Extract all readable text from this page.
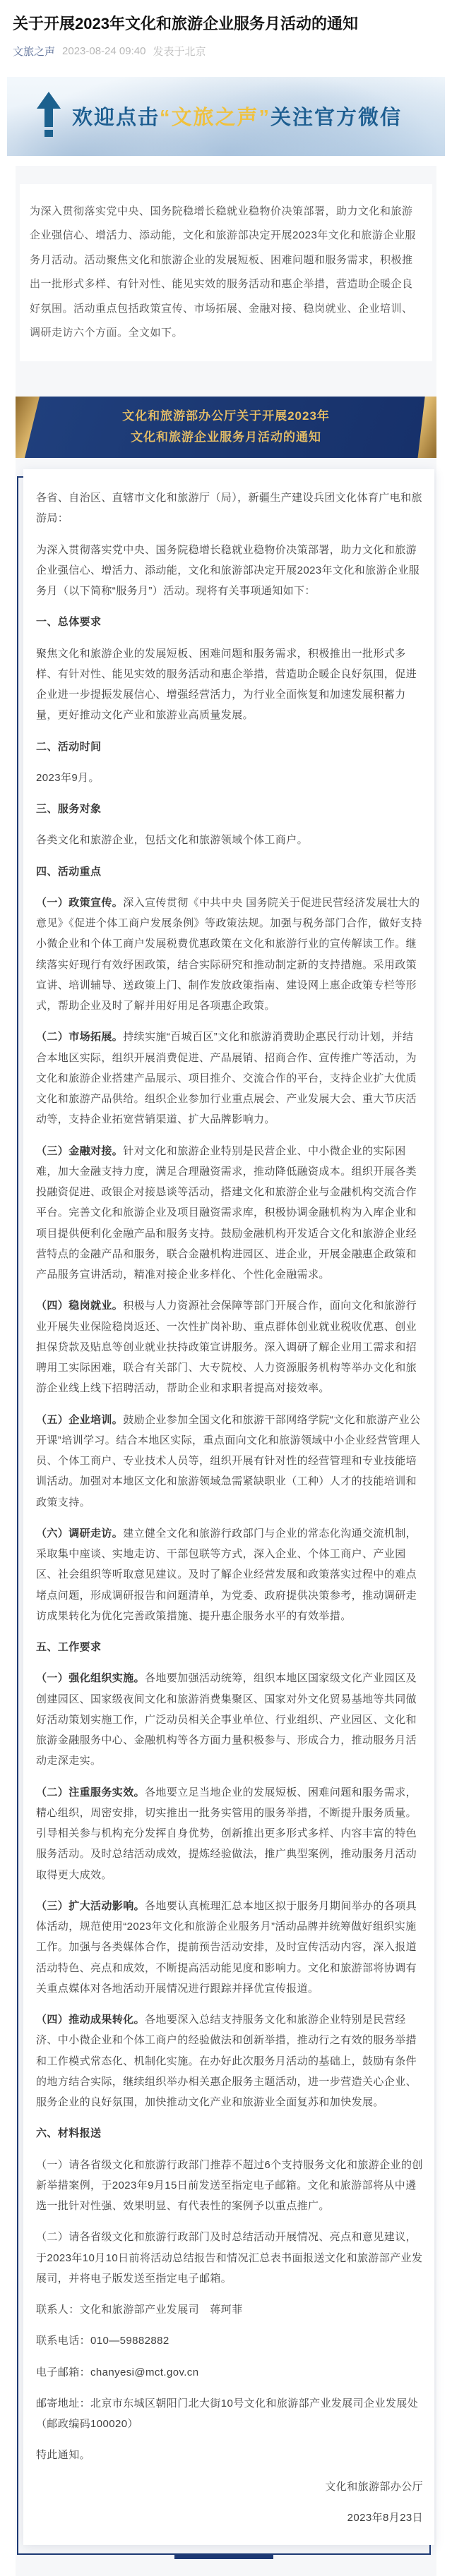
关于开展2023年文化和旅游企业服务月活动的通知
文旅之声 2023-08-24 09:40 发表于北京
欢迎点击“文旅之声”关注官方微信

为深入贯彻落实党中央、国务院稳增长稳就业稳物价决策部署，助力文化和旅游企业强信心、增活力、添动能，文化和旅游部决定开展2023年文化和旅游企业服务月活动。活动聚焦文化和旅游企业的发展短板、困难问题和服务需求，积极推出一批形式多样、有针对性、能见实效的服务活动和惠企举措，营造助企暖企良好氛围。活动重点包括政策宣传、市场拓展、金融对接、稳岗就业、企业培训、调研走访六个方面。全文如下。

文化和旅游部办公厅关于开展2023年
文化和旅游企业服务月活动的通知

各省、自治区、直辖市文化和旅游厅（局），新疆生产建设兵团文化体育广电和旅游局：

为深入贯彻落实党中央、国务院稳增长稳就业稳物价决策部署，助力文化和旅游企业强信心、增活力、添动能，文化和旅游部决定开展2023年文化和旅游企业服务月（以下简称“服务月”）活动。现将有关事项通知如下：

一、总体要求

聚焦文化和旅游企业的发展短板、困难问题和服务需求，积极推出一批形式多样、有针对性、能见实效的服务活动和惠企举措，营造助企暖企良好氛围，促进企业进一步提振发展信心、增强经营活力，为行业全面恢复和加速发展积蓄力量，更好推动文化产业和旅游业高质量发展。

二、活动时间

2023年9月。

三、服务对象

各类文化和旅游企业，包括文化和旅游领域个体工商户。

四、活动重点

（一）政策宣传。深入宣传贯彻《中共中央 国务院关于促进民营经济发展壮大的意见》《促进个体工商户发展条例》等政策法规。加强与税务部门合作，做好支持小微企业和个体工商户发展税费优惠政策在文化和旅游行业的宣传解读工作。继续落实好现行有效纾困政策，结合实际研究和推动制定新的支持措施。采用政策宣讲、培训辅导、送政策上门、制作发放政策指南、建设网上惠企政策专栏等形式，帮助企业及时了解并用好用足各项惠企政策。

（二）市场拓展。持续实施“百城百区”文化和旅游消费助企惠民行动计划，并结合本地区实际，组织开展消费促进、产品展销、招商合作、宣传推广等活动，为文化和旅游企业搭建产品展示、项目推介、交流合作的平台，支持企业扩大优质文化和旅游产品供给。组织企业参加行业重点展会、产业发展大会、重大节庆活动等，支持企业拓宽营销渠道、扩大品牌影响力。

（三）金融对接。针对文化和旅游企业特别是民营企业、中小微企业的实际困难，加大金融支持力度，满足合理融资需求，推动降低融资成本。组织开展各类投融资促进、政银企对接恳谈等活动，搭建文化和旅游企业与金融机构交流合作平台。完善文化和旅游企业及项目融资需求库，积极协调金融机构为入库企业和项目提供便利化金融产品和服务支持。鼓励金融机构开发适合文化和旅游企业经营特点的金融产品和服务，联合金融机构进园区、进企业，开展金融惠企政策和产品服务宣讲活动，精准对接企业多样化、个性化金融需求。

（四）稳岗就业。积极与人力资源社会保障等部门开展合作，面向文化和旅游行业开展失业保险稳岗返还、一次性扩岗补助、重点群体创业就业税收优惠、创业担保贷款及贴息等创业就业扶持政策宣讲服务。深入调研了解企业用工需求和招聘用工实际困难，联合有关部门、大专院校、人力资源服务机构等举办文化和旅游企业线上线下招聘活动，帮助企业和求职者提高对接效率。

（五）企业培训。鼓励企业参加全国文化和旅游干部网络学院“文化和旅游产业公开课”培训学习。结合本地区实际，重点面向文化和旅游领域中小企业经营管理人员、个体工商户、专业技术人员等，组织开展有针对性的经营管理和专业技能培训活动。加强对本地区文化和旅游领域急需紧缺职业（工种）人才的技能培训和政策支持。

（六）调研走访。建立健全文化和旅游行政部门与企业的常态化沟通交流机制，采取集中座谈、实地走访、干部包联等方式，深入企业、个体工商户、产业园区、社会组织等听取意见建议。及时了解企业经营发展和政策落实过程中的难点堵点问题，形成调研报告和问题清单，为党委、政府提供决策参考，推动调研走访成果转化为优化完善政策措施、提升惠企服务水平的有效举措。

五、工作要求

（一）强化组织实施。各地要加强活动统筹，组织本地区国家级文化产业园区及创建园区、国家级夜间文化和旅游消费集聚区、国家对外文化贸易基地等共同做好活动策划实施工作，广泛动员相关企事业单位、行业组织、产业园区、文化和旅游金融服务中心、金融机构等各方面力量积极参与、形成合力，推动服务月活动走深走实。

（二）注重服务实效。各地要立足当地企业的发展短板、困难问题和服务需求，精心组织，周密安排，切实推出一批务实管用的服务举措，不断提升服务质量。引导相关参与机构充分发挥自身优势，创新推出更多形式多样、内容丰富的特色服务活动。及时总结活动成效，提炼经验做法，推广典型案例，推动服务月活动取得更大成效。

（三）扩大活动影响。各地要认真梳理汇总本地区拟于服务月期间举办的各项具体活动，规范使用“2023年文化和旅游企业服务月”活动品牌并统筹做好组织实施工作。加强与各类媒体合作，提前预告活动安排，及时宣传活动内容，深入报道活动特色、亮点和成效，不断提高活动能见度和影响力。文化和旅游部将协调有关重点媒体对各地活动开展情况进行跟踪并择优宣传报道。

（四）推动成果转化。各地要深入总结支持服务文化和旅游企业特别是民营经济、中小微企业和个体工商户的经验做法和创新举措，推动行之有效的服务举措和工作模式常态化、机制化实施。在办好此次服务月活动的基础上，鼓励有条件的地方结合实际，继续组织举办相关惠企服务主题活动，进一步营造关心企业、服务企业的良好氛围，加快推动文化产业和旅游业全面复苏和加快发展。

六、材料报送

（一）请各省级文化和旅游行政部门推荐不超过6个支持服务文化和旅游企业的创新举措案例，于2023年9月15日前发送至指定电子邮箱。文化和旅游部将从中遴选一批针对性强、效果明显、有代表性的案例予以重点推广。

（二）请各省级文化和旅游行政部门及时总结活动开展情况、亮点和意见建议，于2023年10月10日前将活动总结报告和情况汇总表书面报送文化和旅游部产业发展司，并将电子版发送至指定电子邮箱。

联系人：文化和旅游部产业发展司　蒋珂菲

联系电话：010—59882882

电子邮箱：chanyesi@mct.gov.cn

邮寄地址：北京市东城区朝阳门北大街10号文化和旅游部产业发展司企业发展处（邮政编码100020）

特此通知。

文化和旅游部办公厅

2023年8月23日
